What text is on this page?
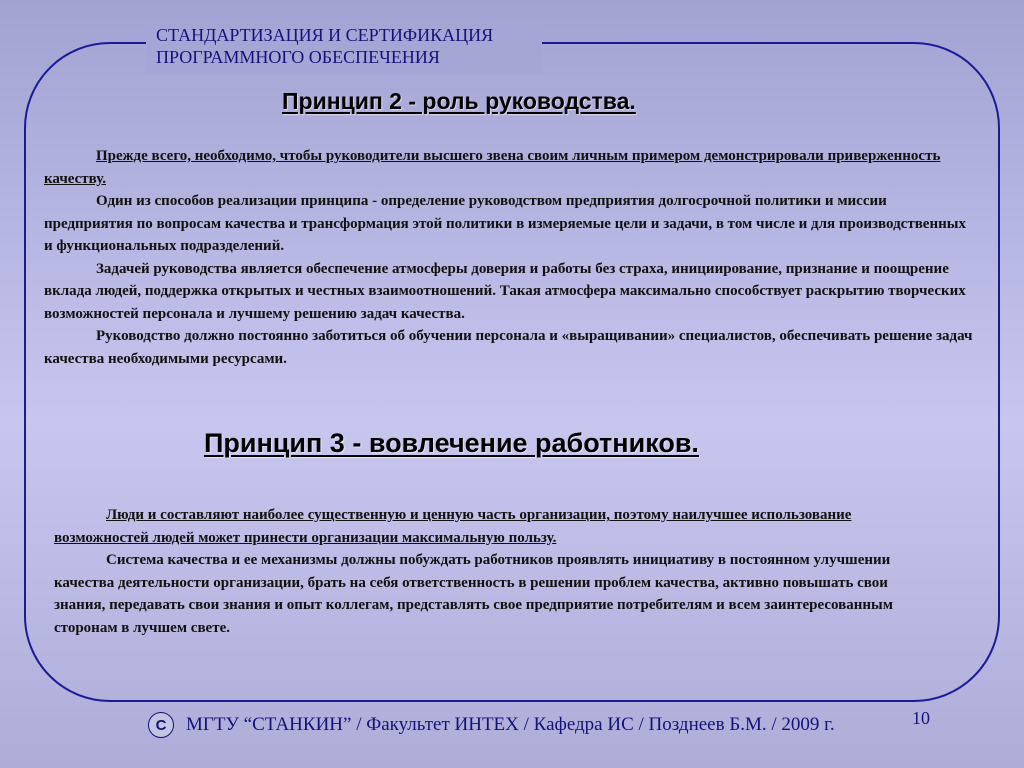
СТАНДАРТИЗАЦИЯ И СЕРТИФИКАЦИЯ
ПРОГРАММНОГО ОБЕСПЕЧЕНИЯ
Принцип 2 - роль руководства.

Прежде всего, необходимо, чтобы руководители высшего звена своим личным примером демонстрировали приверженность качеству.

Один из способов реализации принципа - определение руководством предприятия долгосрочной политики и миссии предприятия по вопросам качества и трансформация этой политики в измеряемые цели и задачи, в том числе и для производственных и функциональных подразделений.

Задачей руководства является обеспечение атмосферы доверия и работы без страха, инициирование, признание и поощрение вклада людей, поддержка открытых и честных взаимоотношений. Такая атмосфера максимально способствует раскрытию творческих возможностей персонала и лучшему решению задач качества.

Руководство должно постоянно заботиться об обучении персонала и «выращивании» специалистов, обеспечивать решение задач качества необходимыми ресурсами.

Принцип 3 - вовлечение работников.

Люди и составляют наиболее существенную и ценную часть организации, поэтому наилучшее использование возможностей людей может принести организации максимальную пользу.

Система качества и ее механизмы должны побуждать работников проявлять инициативу в постоянном улучшении качества деятельности организации, брать на себя ответственность в решении проблем качества, активно повышать свои знания, передавать свои знания и опыт коллегам, представлять свое предприятие потребителям и всем заинтересованным сторонам в лучшем свете.

C	МГТУ “СТАНКИН” / Факультет ИНТЕХ / Кафедра ИС / Позднеев Б.М. / 2009 г.	10
